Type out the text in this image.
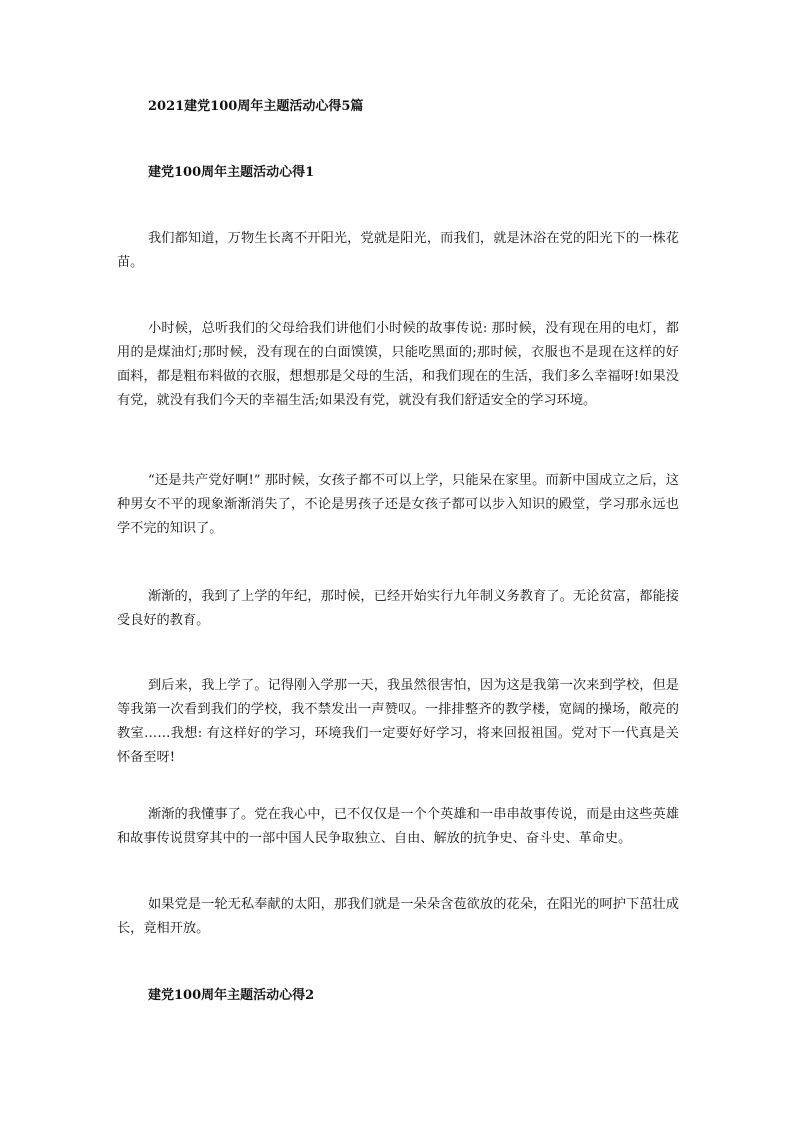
2021建党100周年主题活动心得5篇
建党100周年主题活动心得1

我们都知道，万物生长离不开阳光，党就是阳光，而我们，就是沐浴在党的阳光下的一株花苗。

小时候，总听我们的父母给我们讲他们小时候的故事传说: 那时候，没有现在用的电灯，都用的是煤油灯;那时候，没有现在的白面馍馍，只能吃黑面的;那时候，衣服也不是现在这样的好面料，都是粗布料做的衣服，想想那是父母的生活，和我们现在的生活，我们多么幸福呀!如果没有党，就没有我们今天的幸福生活;如果没有党，就没有我们舒适安全的学习环境。

“还是共产党好啊!” 那时候，女孩子都不可以上学，只能呆在家里。而新中国成立之后，这种男女不平的现象渐渐消失了，不论是男孩子还是女孩子都可以步入知识的殿堂，学习那永远也学不完的知识了。

渐渐的，我到了上学的年纪，那时候，已经开始实行九年制义务教育了。无论贫富，都能接受良好的教育。

到后来，我上学了。记得刚入学那一天，我虽然很害怕，因为这是我第一次来到学校，但是等我第一次看到我们的学校，我不禁发出一声赞叹。一排排整齐的教学楼，宽阔的操场，敞亮的教室……我想: 有这样好的学习，环境我们一定要好好学习，将来回报祖国。党对下一代真是关怀备至呀!

渐渐的我懂事了。党在我心中，已不仅仅是一个个英雄和一串串故事传说，而是由这些英雄和故事传说贯穿其中的一部中国人民争取独立、自由、解放的抗争史、奋斗史、革命史。

如果党是一轮无私奉献的太阳，那我们就是一朵朵含苞欲放的花朵，在阳光的呵护下茁壮成长，竟相开放。

建党100周年主题活动心得2
